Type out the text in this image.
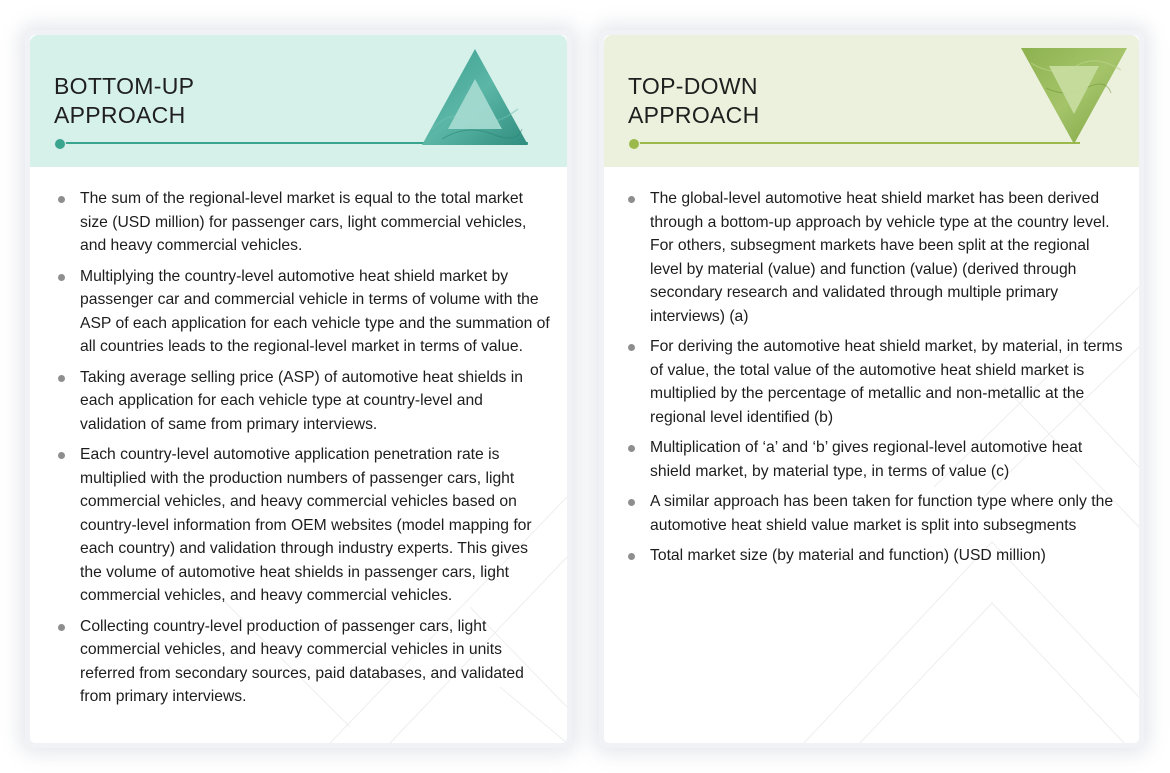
BOTTOM-UP
APPROACH
The sum of the regional-level market is equal to the total market size (USD million) for passenger cars, light commercial vehicles, and heavy commercial vehicles.
Multiplying the country-level automotive heat shield market by passenger car and commercial vehicle in terms of volume with the ASP of each application for each vehicle type and the summation of all countries leads to the regional-level market in terms of value.
Taking average selling price (ASP) of automotive heat shields in each application for each vehicle type at country-level and validation of same from primary interviews.
Each country-level automotive application penetration rate is multiplied with the production numbers of passenger cars, light commercial vehicles, and heavy commercial vehicles based on country-level information from OEM websites (model mapping for each country) and validation through industry experts. This gives the volume of automotive heat shields in passenger cars, light commercial vehicles, and heavy commercial vehicles.
Collecting country-level production of passenger cars, light commercial vehicles, and heavy commercial vehicles in units referred from secondary sources, paid databases, and validated from primary interviews.
TOP-DOWN
APPROACH
The global-level automotive heat shield market has been derived through a bottom-up approach by vehicle type at the country level. For others, subsegment markets have been split at the regional level by material (value) and function (value) (derived through secondary research and validated through multiple primary interviews) (a)
For deriving the automotive heat shield market, by material, in terms of value, the total value of the automotive heat shield market is multiplied by the percentage of metallic and non-metallic at the regional level identified (b)
Multiplication of ‘a’ and ‘b’ gives regional-level automotive heat shield market, by material type, in terms of value (c)
A similar approach has been taken for function type where only the automotive heat shield value market is split into subsegments
Total market size (by material and function) (USD million)
